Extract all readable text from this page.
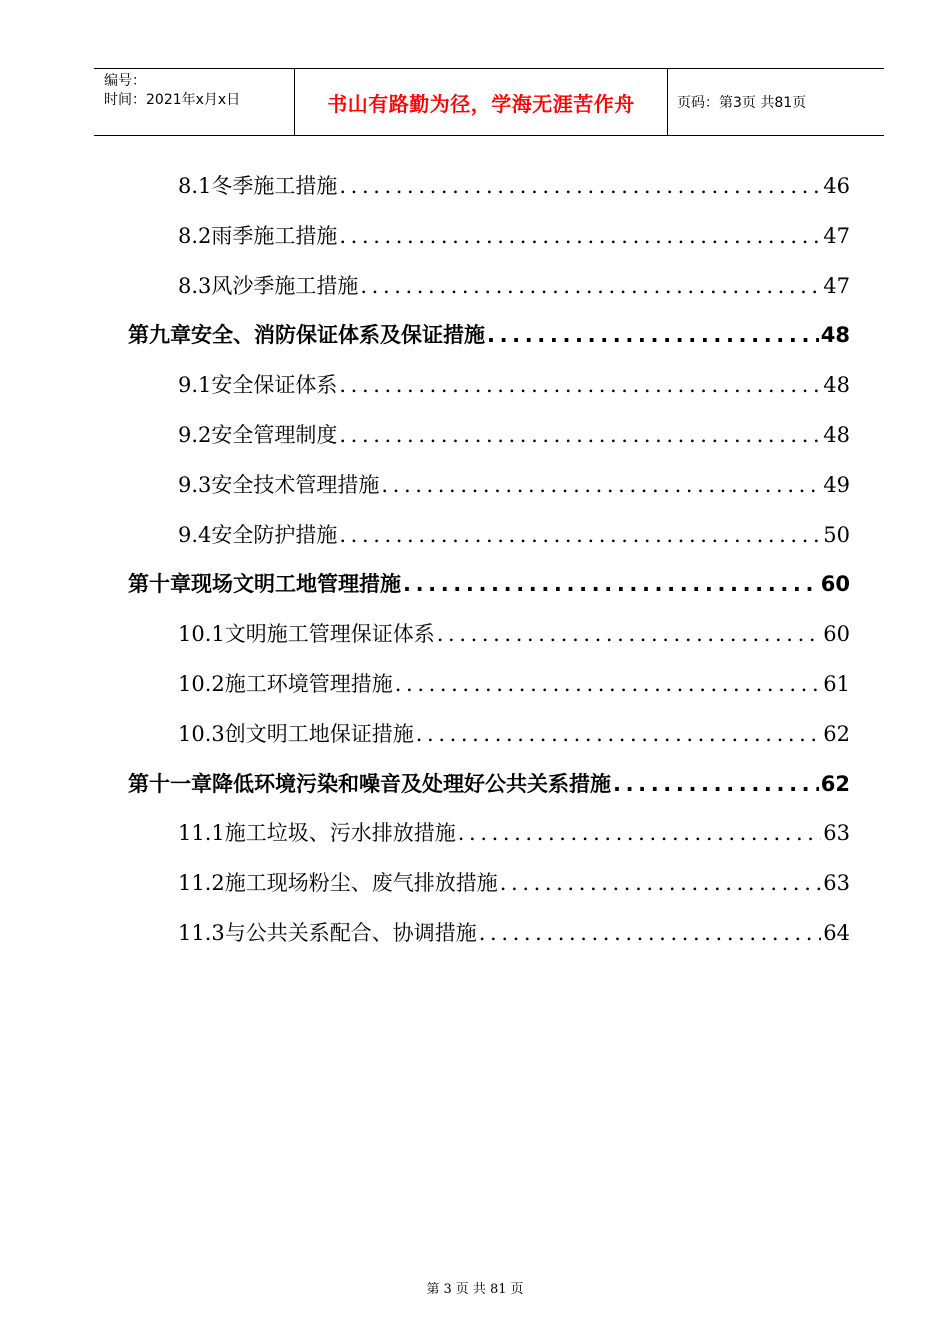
编号：
时间：2021年x月x日	书山有路勤为径，学海无涯苦作舟	页码：第3页 共81页
8.1 冬季施工措施 .....	46
8.2 雨季施工措施 .....	47
8.3 风沙季施工措施 .....	47
第九章 安全、消防保证体系及保证措施 .....	48
9.1 安全保证体系 .....	48
9.2 安全管理制度 .....	48
9.3 安全技术管理措施 .....	49
9.4 安全防护措施 .....	50
第十章 现场文明工地管理措施 .....	60
10.1 文明施工管理保证体系 .....	60
10.2 施工环境管理措施 .....	61
10.3 创文明工地保证措施 .....	62
第十一章 降低环境污染和噪音及处理好公共关系措施 .....	62
11.1 施工垃圾、污水排放措施 .....	63
11.2 施工现场粉尘、废气排放措施 .....	63
11.3 与公共关系配合、协调措施 .....	64
第 3 页 共 81 页
